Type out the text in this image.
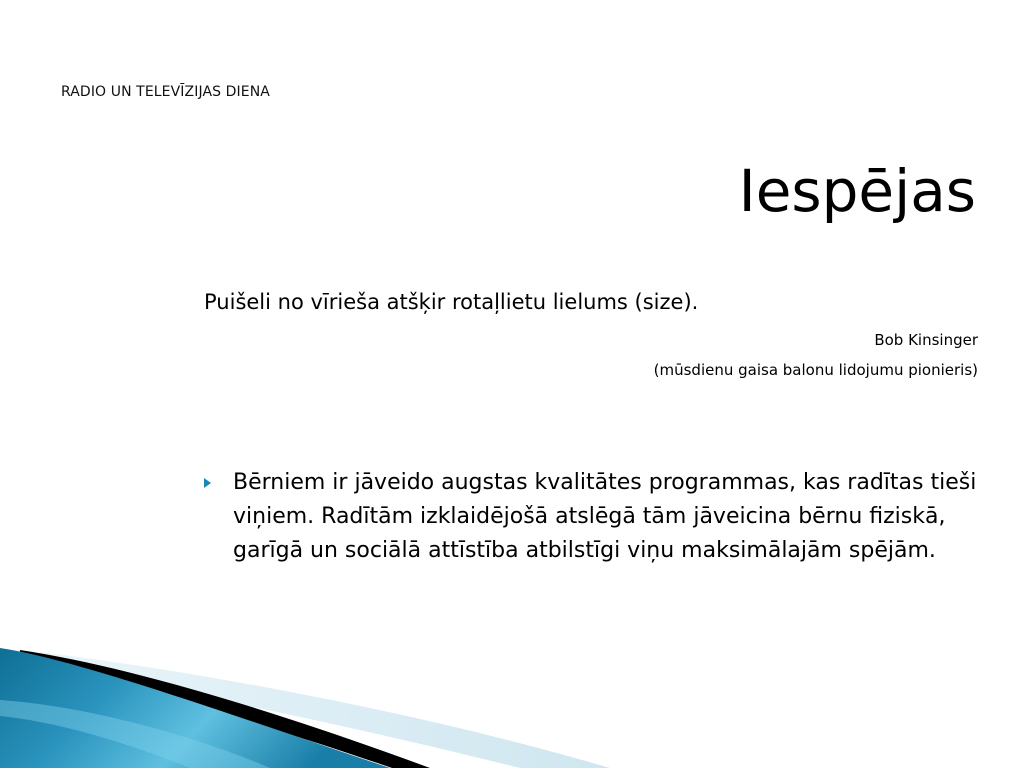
RADIO UN TELEVĪZIJAS DIENA
Iespējas
Puišeli no vīrieša atšķir rotaļlietu lielums (size).
Bob Kinsinger
(mūsdienu gaisa balonu lidojumu pionieris)
Bērniem ir jāveido augstas kvalitātes programmas, kas radītas tieši viņiem. Radītām izklaidējošā atslēgā tām jāveicina bērnu fiziskā, garīgā un sociālā attīstība atbilstīgi viņu maksimālajām spējām.
